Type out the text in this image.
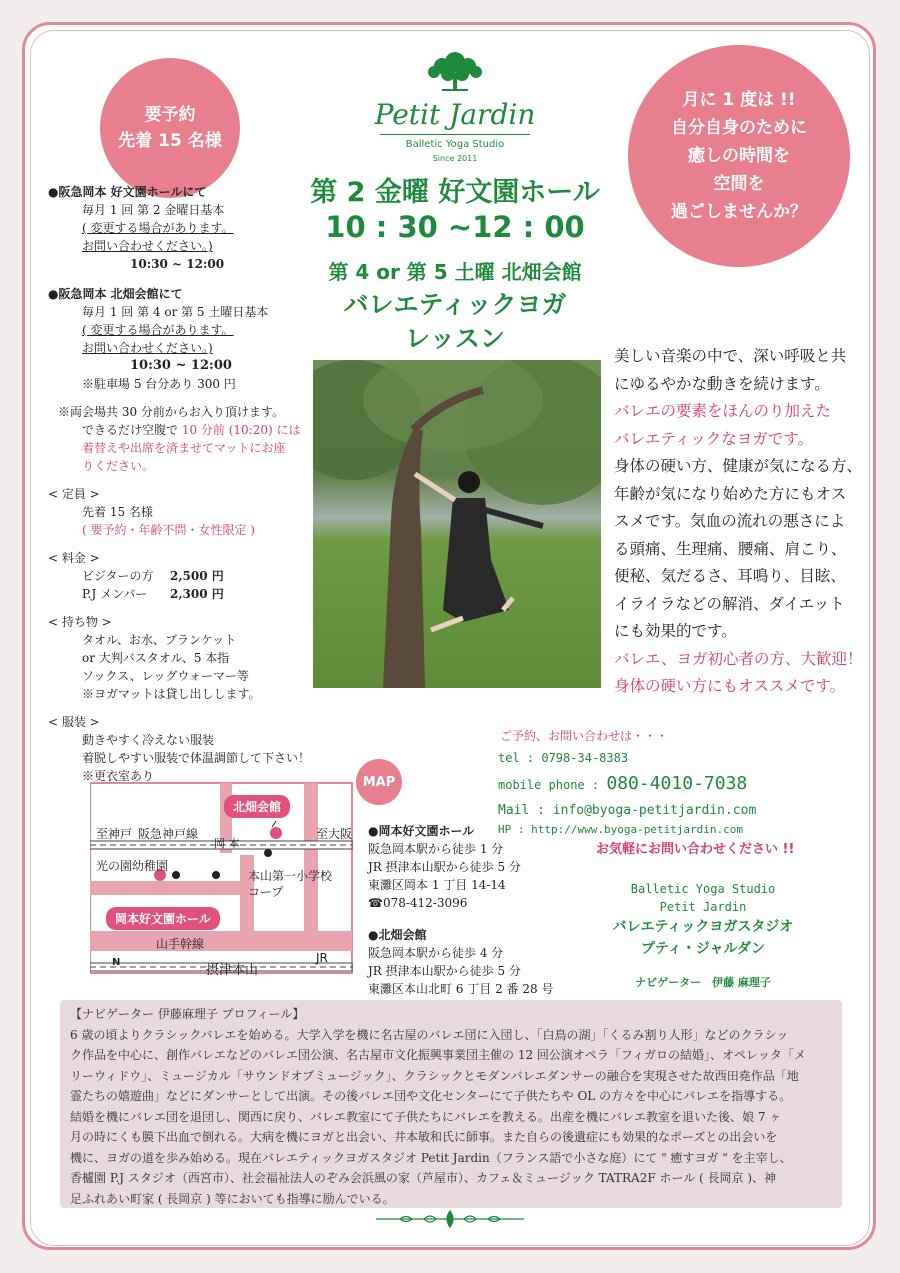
要予約
先着 15 名様
月に 1 度は !!
自分自身のために
癒しの時間を
空間を
過ごしませんか？
Petit Jardin
Balletic Yoga Studio
Since 2011
第 2 金曜 好文園ホール
10 : 30 ~12 : 00
第 4 or 第 5 土曜 北畑会館
バレエティックヨガ
レッスン
●阪急岡本 好文園ホールにて
毎月 1 回 第 2 金曜日基本
( 変更する場合があります。
お問い合わせください。)
10:30 ~ 12:00
●阪急岡本 北畑会館にて
毎月 1 回 第 4 or 第 5 土曜日基本
( 変更する場合があります。
お問い合わせください。)
10:30 ~ 12:00
※駐車場 5 台分あり 300 円
※両会場共 30 分前からお入り頂けます。
できるだけ空腹で 10 分前 (10:20) には
着替えや出席を済ませてマットにお座
りください。
< 定員 >
先着 15 名様
( 要予約・年齢不問・女性限定 )
< 料金 >
ビジターの方 2,500 円
P.J メンバー 2,300 円
< 持ち物 >
タオル、お水、ブランケット
or 大判バスタオル、5 本指
ソックス、レッグウォーマー等
※ヨガマットは貸し出しします。
< 服装 >
動きやすく冷えない服装
着脱しやすい服装で体温調節して下さい！
※更衣室あり
美しい音楽の中で、深い呼吸と共
にゆるやかな動きを続けます。
バレエの要素をほんのり加えた
バレエティックなヨガです。
身体の硬い方、健康が気になる方、
年齢が気になり始めた方にもオス
スメです。気血の流れの悪さによ
る頭痛、生理痛、腰痛、肩こり、
便秘、気だるさ、耳鳴り、目眩、
イライラなどの解消、ダイエット
にも効果的です。
バレエ、ヨガ初心者の方、大歓迎！
身体の硬い方にもオススメです。
ご予約、お問い合わせは・・・
tel : 0798-34-8383
mobile phone : 080-4010-7038
Mail : info@byoga-petitjardin.com
HP : http://www.byoga-petitjardin.com
お気軽にお問い合わせください !!
Balletic Yoga Studio
Petit Jardin
バレエティックヨガスタジオ
プティ・ジャルダン
ナビゲーター　伊藤 麻理子
MAP
北畑会館
至神戸 阪急神戸線
岡 本
至大阪
光の園幼稚園
本山第一小学校
コープ
岡本好文園ホール
山手幹線
摂津本山
JR
N
●岡本好文園ホール
阪急岡本駅から徒歩 1 分
JR 摂津本山駅から徒歩 5 分
東灘区岡本 1 丁目 14-14
☎078-412-3096
●北畑会館
阪急岡本駅から徒歩 4 分
JR 摂津本山駅から徒歩 5 分
東灘区本山北町 6 丁目 2 番 28 号
【ナビゲーター 伊藤麻理子 プロフィール】
6 歳の頃よりクラシックバレエを始める。大学入学を機に名古屋のバレエ団に入団し、「白鳥の湖」「くるみ割り人形」などのクラシッ
ク作品を中心に、創作バレエなどのバレエ団公演、名古屋市文化振興事業団主催の 12 回公演オペラ「フィガロの結婚」、オペレッタ「メ
リーウィドウ」、ミュージカル「サウンドオブミュージック」、クラシックとモダンバレエダンサーの融合を実現させた故西田堯作品「地
霊たちの嬉遊曲」などにダンサーとして出演。その後バレエ団や文化センターにて子供たちや OL の方々を中心にバレエを指導する。
結婚を機にバレエ団を退団し、関西に戻り、バレエ教室にて子供たちにバレエを教える。出産を機にバレエ教室を退いた後、娘 7 ヶ
月の時にくも膜下出血で倒れる。大病を機にヨガと出会い、井本敏和氏に師事。また自らの後遺症にも効果的なポーズとの出会いを
機に、ヨガの道を歩み始める。現在バレエティックヨガスタジオ Petit Jardin（フランス語で小さな庭）にて " 癒すヨガ " を主宰し、
香櫨園 P.J スタジオ（西宮市）、社会福祉法人のぞみ会浜風の家（芦屋市）、カフェ＆ミュージック TATRA2F ホール ( 長岡京 )、神
足ふれあい町家 ( 長岡京 ) 等においても指導に励んでいる。
